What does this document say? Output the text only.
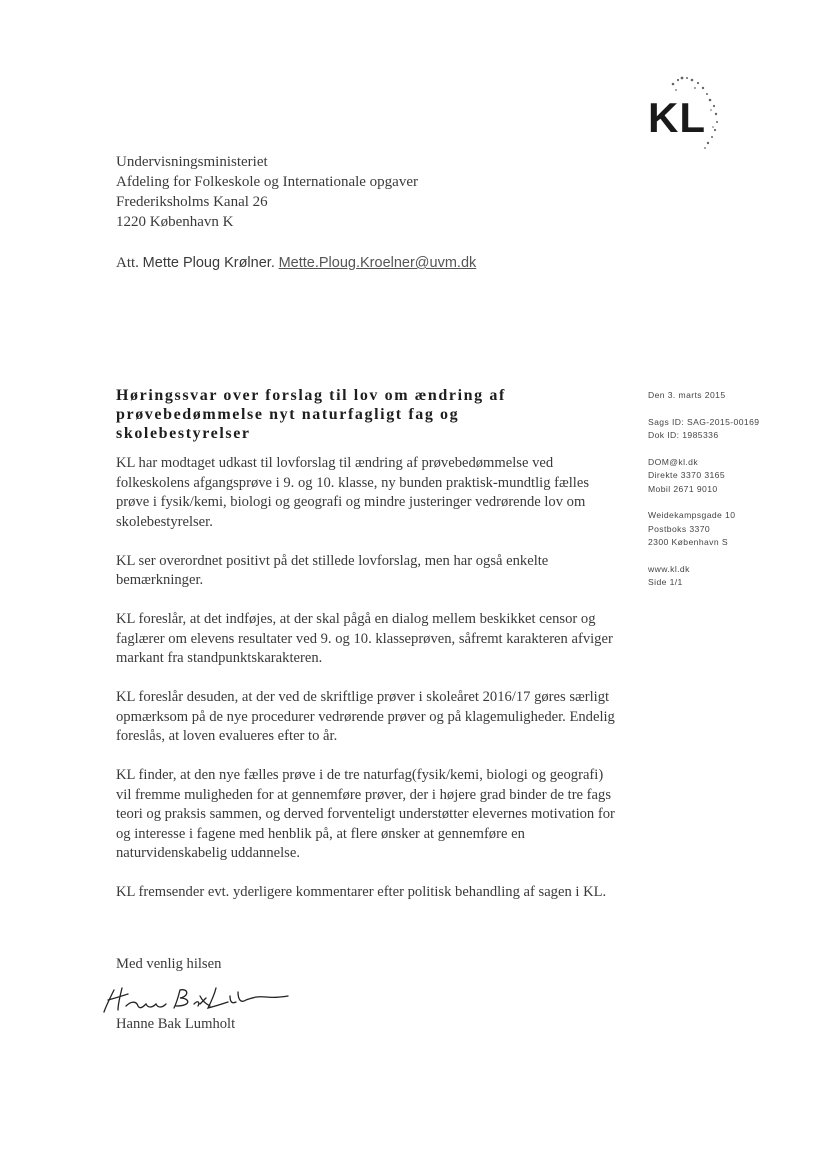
KL
Undervisningsministeriet
Afdeling for Folkeskole og Internationale opgaver
Frederiksholms Kanal 26
1220 København K
Att. Mette Ploug Krølner. Mette.Ploug.Kroelner@uvm.dk
Høringssvar over forslag til lov om ændring af prøvebedømmelse nyt naturfagligt fag og skolebestyrelser

KL har modtaget udkast til lovforslag til ændring af prøvebedømmelse ved folkeskolens afgangsprøve i 9. og 10. klasse, ny bunden praktisk-mundtlig fælles prøve i fysik/kemi, biologi og geografi og mindre justeringer vedrørende lov om skolebestyrelser.

KL ser overordnet positivt på det stillede lovforslag, men har også enkelte bemærkninger.

KL foreslår, at det indføjes, at der skal pågå en dialog mellem beskikket censor og faglærer om elevens resultater ved 9. og 10. klasseprøven, såfremt karakteren afviger markant fra standpunktskarakteren.

KL foreslår desuden, at der ved de skriftlige prøver i skoleåret 2016/17 gøres særligt opmærksom på de nye procedurer vedrørende prøver og på klagemuligheder. Endelig foreslås, at loven evalueres efter to år.

KL finder, at den nye fælles prøve i de tre naturfag(fysik/kemi, biologi og geografi) vil fremme muligheden for at gennemføre prøver, der i højere grad binder de tre fags teori og praksis sammen, og derved forventeligt understøtter elevernes motivation for og interesse i fagene med henblik på, at flere ønsker at gennemføre en naturvidenskabelig uddannelse.

KL fremsender evt. yderligere kommentarer efter politisk behandling af sagen i KL.

Med venlig hilsen
Hanne Bak Lumholt
Den 3. marts 2015
Sags ID: SAG-2015-00169
Dok ID: 1985336
DOM@kl.dk
Direkte 3370 3165
Mobil 2671 9010
Weidekampsgade 10
Postboks 3370
2300 København S
www.kl.dk
Side 1/1
